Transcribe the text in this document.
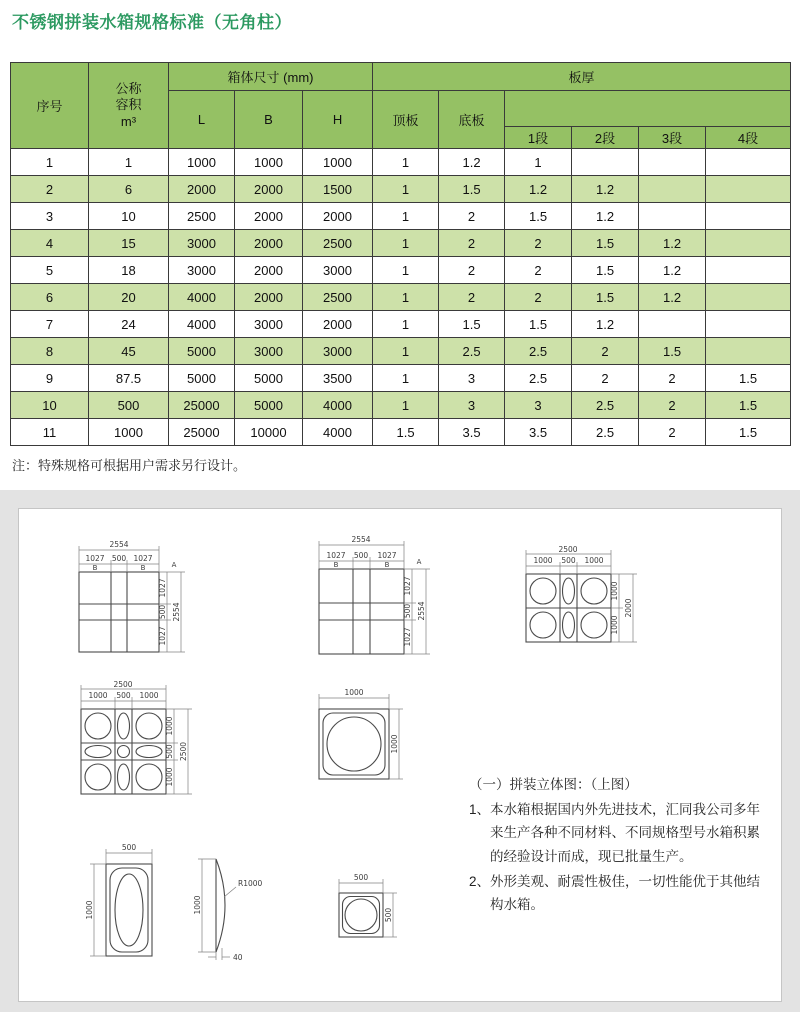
不锈钢拼装水箱规格标准（无角柱）
序号	公称
容积
m³	箱体尺寸 (mm)			板厚					
		L	B	H	顶板	底板				
							1段	2段	3段	4段
1	1	1000	1000	1000	1	1.2	1			
2	6	2000	2000	1500	1	1.5	1.2	1.2		
3	10	2500	2000	2000	1	2	1.5	1.2		
4	15	3000	2000	2500	1	2	2	1.5	1.2	
5	18	3000	2000	3000	1	2	2	1.5	1.2	
6	20	4000	2000	2500	1	2	2	1.5	1.2	
7	24	4000	3000	2000	1	1.5	1.5	1.2		
8	45	5000	3000	3000	1	2.5	2.5	2	1.5	
9	87.5	5000	5000	3500	1	3	2.5	2	2	1.5
10	500	25000	5000	4000	1	3	3	2.5	2	1.5
11	1000	25000	10000	4000	1.5	3.5	3.5	2.5	2	1.5
注：特殊规格可根据用户需求另行设计。
2554
1027 500 1027
B	B	A
1027
500
1027
2554
2554
1027 500 1027
B	B	A
1027
500
1027
2554
2500
1000 500 1000
1000
1000
2000
2500
1000 500 1000
1000
500
1000
2500
1000
1000
500
1000	1000
R1000
40
500
500
（一） 拼装立体图：（上图）
1、 本水箱根据国内外先进技术，汇同我公司多年来生产各种不同材料、不同规格型号水箱积累的经验设计而成，现已批量生产。
2、 外形美观、耐震性极佳，一切性能优于其他结构水箱。
